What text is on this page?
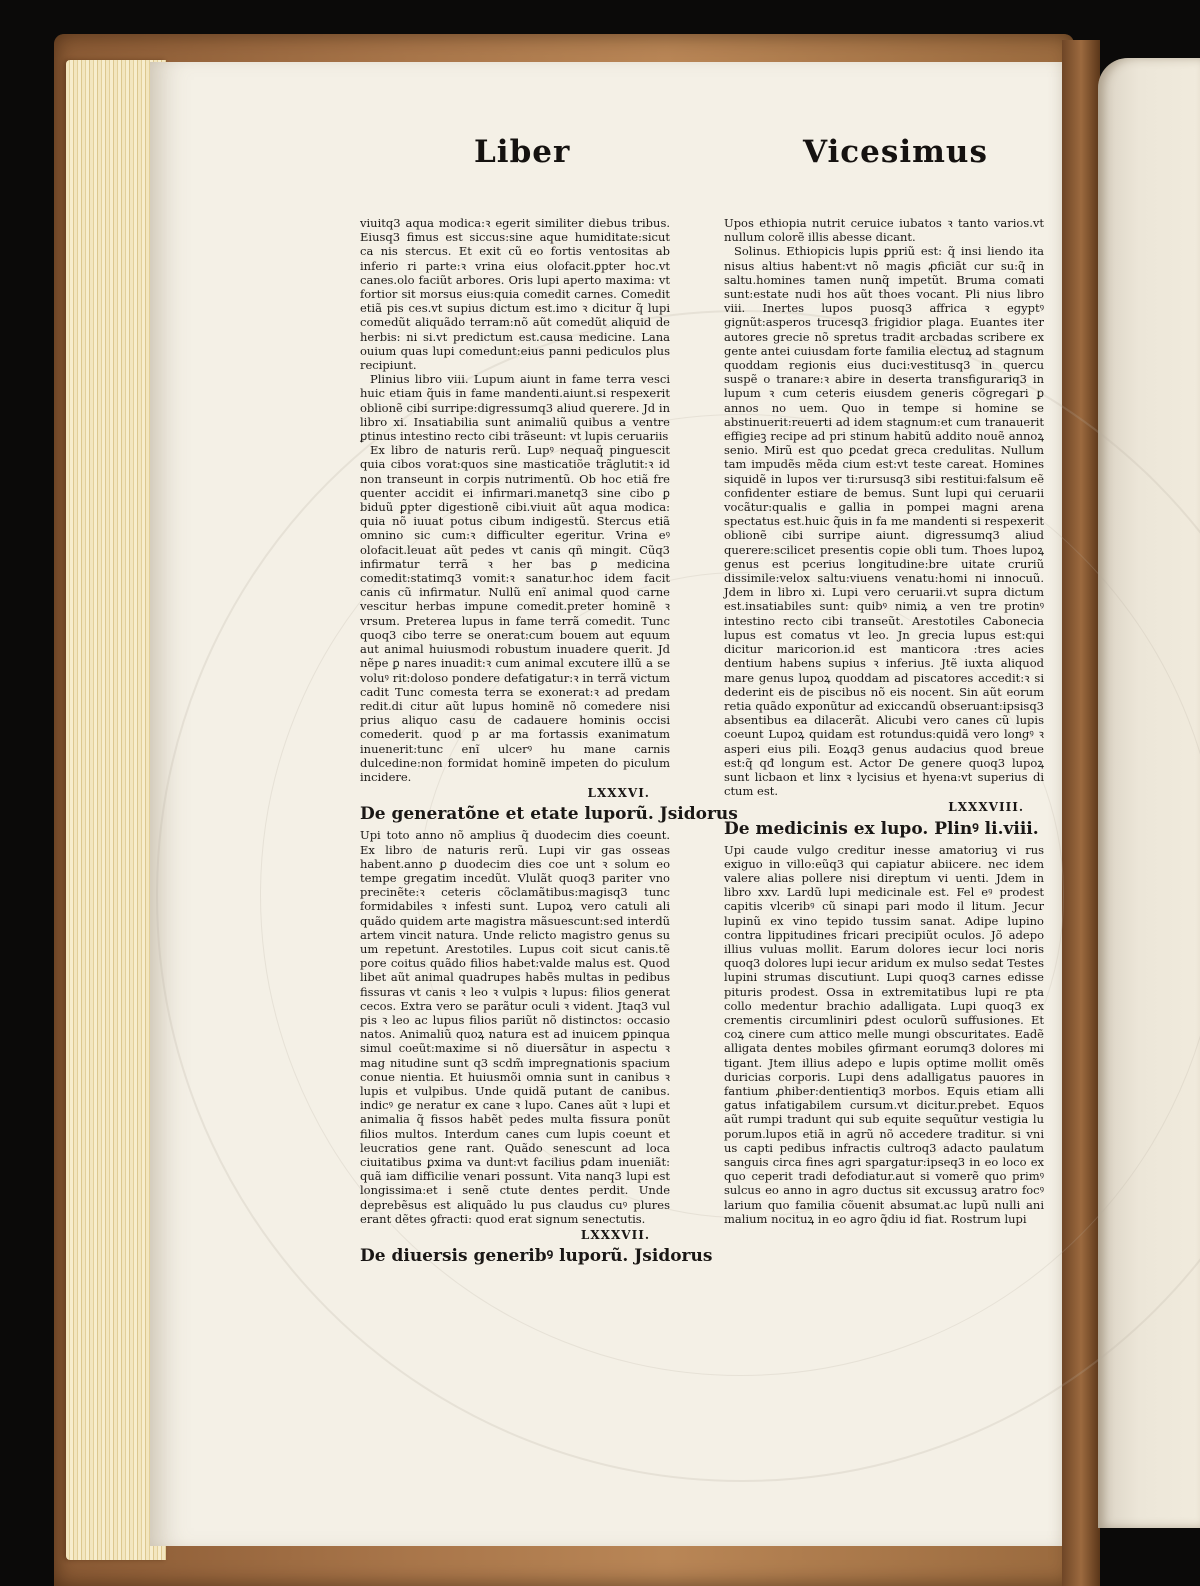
Liber	Vicesimus

viuitq3 aqua modica:ꝛ egerit similiter diebus tribus. Eiusq3 fimus est siccus:sine aque humiditate:sicut ca nis stercus. Et exit cũ eo fortis ventositas ab inferio ri parte:ꝛ vrina eius olofacit.ꝑpter hoc.vt canes.olo faciũt arbores. Oris lupi aperto maxima: vt fortior sit morsus eius:quia comedit carnes. Comedit etiã pis ces.vt supius dictum est.imo ꝛ dicitur q̃ lupi comedũt aliquãdo terram:nõ aũt comedũt aliquid de herbis: ni si.vt predictum est.causa medicine. Lana ouium quas lupi comedunt:eius panni pediculos plus recipiunt.

Plinius libro viii. Lupum aiunt in fame terra vesci huic etiam q̃uis in fame mandenti.aiunt.si respexerit oblionẽ cibi surripe:digressumq3 aliud querere. Jd in libro xi. Insatiabilia sunt animaliũ quibus a ventre ꝑtinus intestino recto cibi trãseunt: vt lupis ceruariis

Ex libro de naturis rerũ. Lupꝰ nequaq̃ pinguescit quia cibos vorat:quos sine masticatiõe trãglutit:ꝛ id non transeunt in corpis nutrimentũ. Ob hoc etiã fre quenter accidit ei infirmari.manetq3 sine cibo ꝑ biduũ ꝑpter digestionẽ cibi.viuit aũt aqua modica: quia nõ iuuat potus cibum indigestũ. Stercus etiã omnino sic cum:ꝛ difficulter egeritur. Vrina eꝰ olofacit.leuat aũt pedes vt canis qñ mingit. Cũq3 infirmatur terrã ꝛ her bas ꝑ medicina comedit:statimq3 vomit:ꝛ sanatur.hoc idem facit canis cũ infirmatur. Nullũ enĩ animal quod carne vescitur herbas impune comedit.preter hominẽ ꝛ vrsum. Preterea lupus in fame terrã comedit. Tunc quoq3 cibo terre se onerat:cum bouem aut equum aut animal huiusmodi robustum inuadere querit. Jd nẽpe ꝑ nares inuadit:ꝛ cum animal excutere illũ a se voluꝰ rit:doloso pondere defatigatur:ꝛ in terrã victum cadit Tunc comesta terra se exonerat:ꝛ ad predam redit.di citur aũt lupus hominẽ nõ comedere nisi prius aliquo casu de cadauere hominis occisi comederit. quod p ar ma fortassis exanimatum inuenerit:tunc enĩ ulcerꝰ hu mane carnis dulcedine:non formidat hominẽ impeten do piculum incidere.

LXXXVI.
De generatõne et etate luporũ. Jsidorus

Upi toto anno nõ amplius q̃ duodecim dies coeunt. Ex libro de naturis rerũ. Lupi vir gas osseas habent.anno ꝑ duodecim dies coe unt ꝛ solum eo tempe gregatim incedũt. Vlulãt quoq3 pariter vno precinẽte:ꝛ ceteris cõclamãtibus:magisq3 tunc formidabiles ꝛ infesti sunt. Lupoꝝ vero catuli ali quãdo quidem arte magistra mãsuescunt:sed interdũ artem vincit natura. Unde relicto magistro genus su um repetunt. Arestotiles. Lupus coit sicut canis.tẽ pore coitus quãdo filios habet:valde malus est. Quod libet aũt animal quadrupes habẽs multas in pedibus fissuras vt canis ꝛ leo ꝛ vulpis ꝛ lupus: filios generat cecos. Extra vero se parãtur oculi ꝛ vident. Jtaq3 vul pis ꝛ leo ac lupus filios pariũt nõ distinctos: occasio natos. Animaliũ quoꝝ natura est ad inuicem ꝑpinqua simul coeũt:maxime si nõ diuersãtur in aspectu ꝛ mag nitudine sunt q3 scdm̃ impregnationis spacium conue nientia. Et huiusmõi omnia sunt in canibus ꝛ lupis et vulpibus. Unde quidã putant de canibus. indicꝰ ge neratur ex cane ꝛ lupo. Canes aũt ꝛ lupi et animalia q̃ fissos habẽt pedes multa fissura ponũt filios multos. Interdum canes cum lupis coeunt et leucratios gene rant. Quãdo senescunt ad loca ciuitatibus ꝑxima va dunt:vt facilius ꝑdam inueniãt: quã iam difficilie venari possunt. Vita nanq3 lupi est longissima:et i senẽ ctute dentes perdit. Unde deprebẽsus est aliquãdo lu pus claudus cuꝰ plures erant dẽtes ꝯfracti: quod erat signum senectutis.

LXXXVII.
De diuersis generibꝰ luporũ. Jsidorus

Upos ethiopia nutrit ceruice iubatos ꝛ tanto varios.vt nullum colorẽ illis abesse dicant.

Solinus. Ethiopicis lupis ꝑpriũ est: q̃ insi liendo ita nisus altius habent:vt nõ magis ꝓficiãt cur su:q̃ in saltu.homines tamen nunq̃ impetũt. Bruma comati sunt:estate nudi hos aũt thoes vocant. Pli nius libro viii. Inertes lupos puosq3 affrica ꝛ egyptꝰ gignũt:asperos trucesq3 frigidior plaga. Euantes iter autores grecie nõ spretus tradit arcbadas scribere ex gente antei cuiusdam forte familia electuꝝ ad stagnum quoddam regionis eius duci:vestitusq3 in quercu suspẽ o tranare:ꝛ abire in deserta transfigurariq3 in lupum ꝛ cum ceteris eiusdem generis cõgregari ꝑ annos no uem. Quo in tempe si homine se abstinuerit:reuerti ad idem stagnum:et cum tranauerit effigieꝫ recipe ad pri stinum habitũ addito nouẽ annoꝝ senio. Mirũ est quo ꝑcedat greca credulitas. Nullum tam impudẽs mẽda cium est:vt teste careat. Homines siquidẽ in lupos ver ti:rursusq3 sibi restitui:falsum eẽ confidenter estiare de bemus. Sunt lupi qui ceruarii vocãtur:qualis e gallia in pompei magni arena spectatus est.huic q̃uis in fa me mandenti si respexerit oblionẽ cibi surripe aiunt. digressumq3 aliud querere:scilicet presentis copie obli tum. Thoes lupoꝝ genus est pcerius longitudine:bre uitate cruriũ dissimile:velox saltu:viuens venatu:homi ni innocuũ. Jdem in libro xi. Lupi vero ceruarii.vt supra dictum est.insatiabiles sunt: quibꝰ nimiꝝ a ven tre protinꝰ intestino recto cibi transeũt. Arestotiles Cabonecia lupus est comatus vt leo. Jn grecia lupus est:qui dicitur maricorion.id est manticora :tres acies dentium habens supius ꝛ inferius. Jtẽ iuxta aliquod mare genus lupoꝝ quoddam ad piscatores accedit:ꝛ si dederint eis de piscibus nõ eis nocent. Sin aũt eorum retia quãdo exponũtur ad exiccandũ obseruant:ipsisq3 absentibus ea dilacerãt. Alicubi vero canes cũ lupis coeunt Lupoꝝ quidam est rotundus:quidã vero longꝰ ꝛ asperi eius pili. Eoꝝq3 genus audacius quod breue est:q̃ qđ longum est. Actor De genere quoq3 lupoꝝ sunt licbaon et linx ꝛ lycisius et hyena:vt superius di ctum est.

LXXXVIII.
De medicinis ex lupo. Plinꝰ li.viii.

Upi caude vulgo creditur inesse amatoriuꝫ vi rus exiguo in villo:eũq3 qui capiatur abiicere. nec idem valere alias pollere nisi direptum vi uenti. Jdem in libro xxv. Lardũ lupi medicinale est. Fel eꝰ prodest capitis vlceribꝰ cũ sinapi pari modo il litum. Jecur lupinũ ex vino tepido tussim sanat. Adipe lupino contra lippitudines fricari precipiũt oculos. Jõ adepo illius vuluas mollit. Earum dolores iecur loci noris quoq3 dolores lupi iecur aridum ex mulso sedat Testes lupini strumas discutiunt. Lupi quoq3 carnes edisse pituris prodest. Ossa in extremitatibus lupi re pta collo medentur brachio adalligata. Lupi quoq3 ex crementis circumliniri ꝑdest oculorũ suffusiones. Et coꝝ cinere cum attico melle mungi obscuritates. Eadẽ alligata dentes mobiles ꝯfirmant eorumq3 dolores mi tigant. Jtem illius adepo e lupis optime mollit omẽs duricias corporis. Lupi dens adalligatus pauores in fantium ꝓhiber:dentientiq3 morbos. Equis etiam alli gatus infatigabilem cursum.vt dicitur.prebet. Equos aũt rumpi tradunt qui sub equite sequũtur vestigia lu porum.lupos etiã in agrũ nõ accedere traditur. si vni us capti pedibus infractis cultroq3 adacto paulatum sanguis circa fines agri spargatur:ipseq3 in eo loco ex quo ceperit tradi defodiatur.aut si vomerẽ quo primꝰ sulcus eo anno in agro ductus sit excussuꝫ aratro focꝰ larium quo familia cõuenit absumat.ac lupũ nulli ani malium nocituꝝ in eo agro q̃diu id fiat. Rostrum lupi
